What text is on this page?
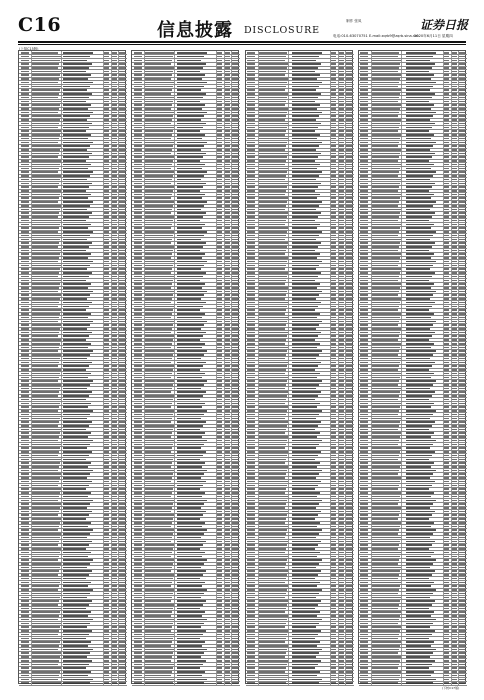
C16	信息披露 DISCLOSURE
制作 张凤
电话:010-63070751 E-mail:zqrb9@zqrb.sina.net
证券日报
2020年6月11日 星期四
(上接C15版)
(下转C17版)
